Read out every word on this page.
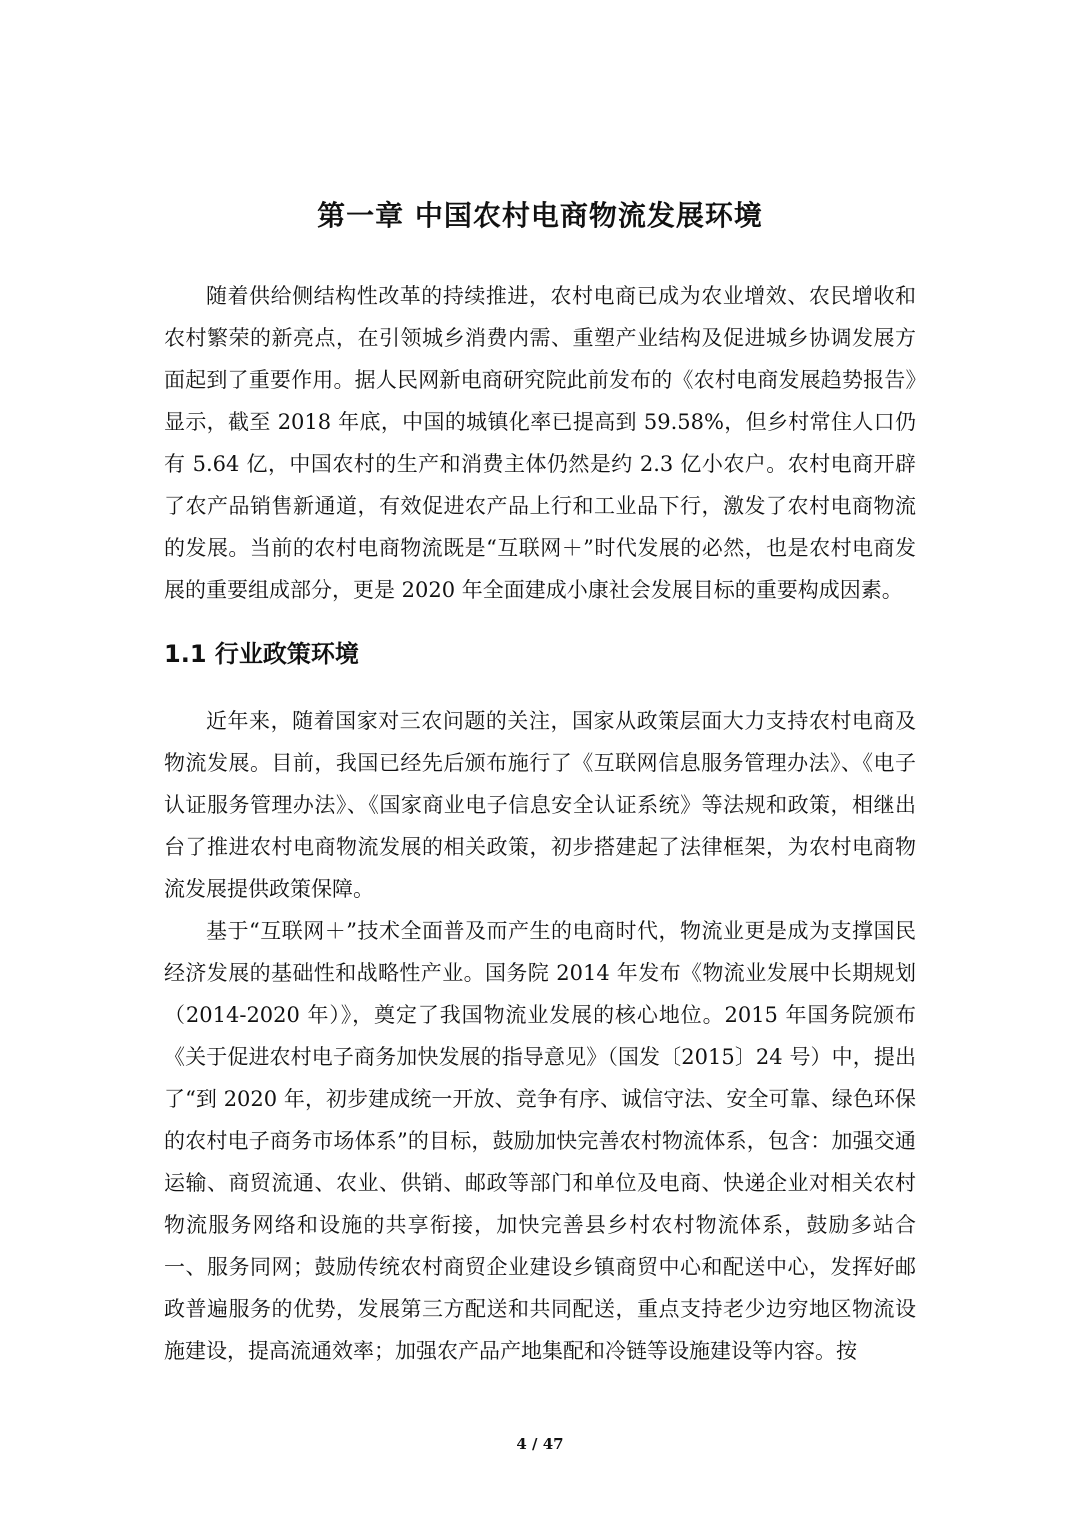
第一章 中国农村电商物流发展环境

随着供给侧结构性改革的持续推进，农村电商已成为农业增效、农民增收和农村繁荣的新亮点，在引领城乡消费内需、重塑产业结构及促进城乡协调发展方面起到了重要作用。据人民网新电商研究院此前发布的《农村电商发展趋势报告》显示，截至 2018 年底，中国的城镇化率已提高到 59.58%，但乡村常住人口仍有 5.64 亿，中国农村的生产和消费主体仍然是约 2.3 亿小农户。农村电商开辟了农产品销售新通道，有效促进农产品上行和工业品下行，激发了农村电商物流的发展。当前的农村电商物流既是“互联网＋”时代发展的必然，也是农村电商发展的重要组成部分，更是 2020 年全面建成小康社会发展目标的重要构成因素。

1.1 行业政策环境

近年来，随着国家对三农问题的关注，国家从政策层面大力支持农村电商及物流发展。目前，我国已经先后颁布施行了《互联网信息服务管理办法》、《电子认证服务管理办法》、《国家商业电子信息安全认证系统》等法规和政策，相继出台了推进农村电商物流发展的相关政策，初步搭建起了法律框架，为农村电商物流发展提供政策保障。

基于“互联网＋”技术全面普及而产生的电商时代，物流业更是成为支撑国民经济发展的基础性和战略性产业。国务院 2014 年发布《物流业发展中长期规划（2014-2020 年）》，奠定了我国物流业发展的核心地位。2015 年国务院颁布《关于促进农村电子商务加快发展的指导意见》（国发〔2015〕24 号）中，提出了“到 2020 年，初步建成统一开放、竞争有序、诚信守法、安全可靠、绿色环保的农村电子商务市场体系”的目标，鼓励加快完善农村物流体系，包含：加强交通运输、商贸流通、农业、供销、邮政等部门和单位及电商、快递企业对相关农村物流服务网络和设施的共享衔接，加快完善县乡村农村物流体系，鼓励多站合一、服务同网；鼓励传统农村商贸企业建设乡镇商贸中心和配送中心，发挥好邮政普遍服务的优势，发展第三方配送和共同配送，重点支持老少边穷地区物流设施建设，提高流通效率；加强农产品产地集配和冷链等设施建设等内容。按

4 / 47
